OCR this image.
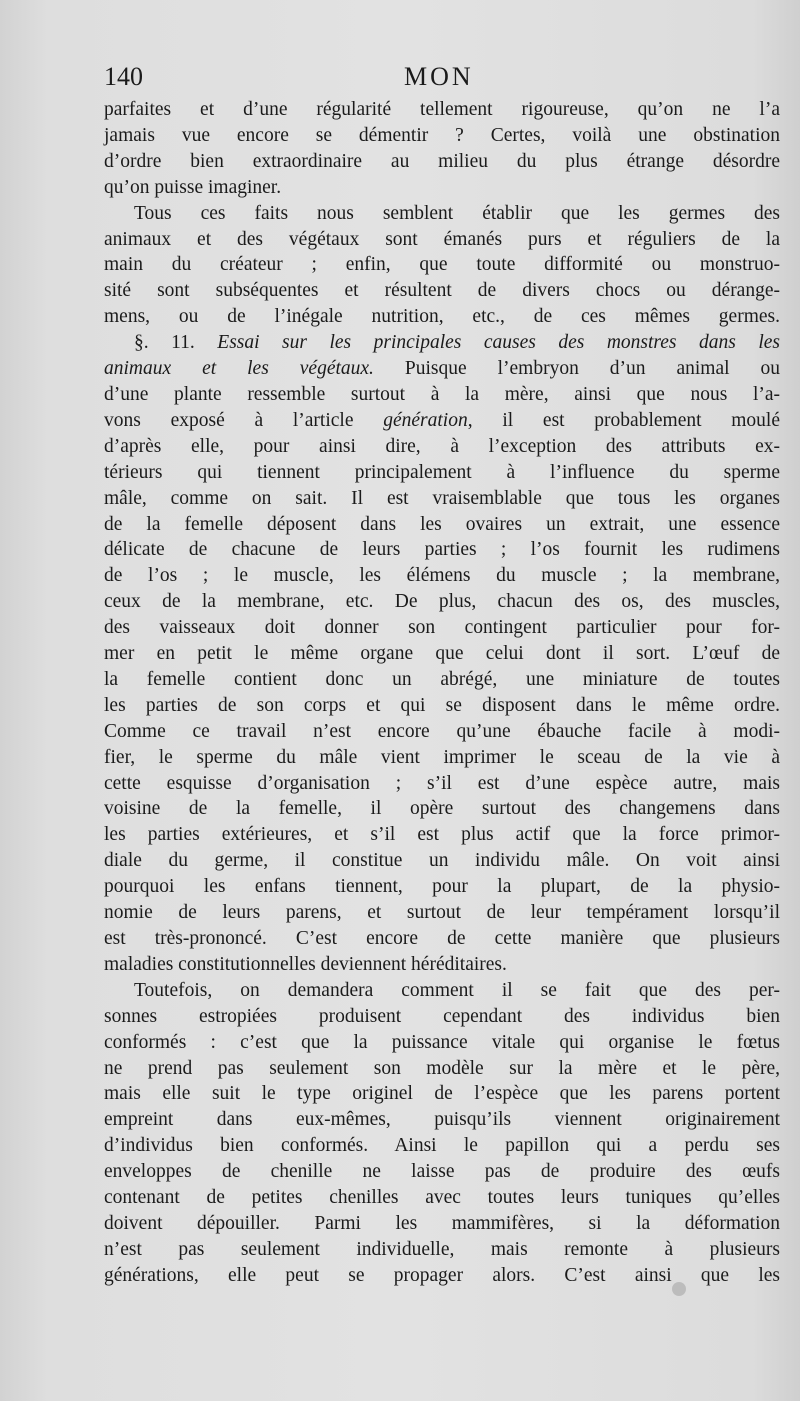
140	MON
parfaites et d’une régularité tellement rigoureuse, qu’on ne l’a
jamais vue encore se démentir ? Certes, voilà une obstination
d’ordre bien extraordinaire au milieu du plus étrange désordre
qu’on puisse imaginer.
Tous ces faits nous semblent établir que les germes des
animaux et des végétaux sont émanés purs et réguliers de la
main du créateur ; enfin, que toute difformité ou monstruo-
sité sont subséquentes et résultent de divers chocs ou dérange-
mens, ou de l’inégale nutrition, etc., de ces mêmes germes.
§. 11. Essai sur les principales causes des monstres dans les
animaux et les végétaux. Puisque l’embryon d’un animal ou
d’une plante ressemble surtout à la mère, ainsi que nous l’a-
vons exposé à l’article génération, il est probablement moulé
d’après elle, pour ainsi dire, à l’exception des attributs ex-
térieurs qui tiennent principalement à l’influence du sperme
mâle, comme on sait. Il est vraisemblable que tous les organes
de la femelle déposent dans les ovaires un extrait, une essence
délicate de chacune de leurs parties ; l’os fournit les rudimens
de l’os ; le muscle, les élémens du muscle ; la membrane,
ceux de la membrane, etc. De plus, chacun des os, des muscles,
des vaisseaux doit donner son contingent particulier pour for-
mer en petit le même organe que celui dont il sort. L’œuf de
la femelle contient donc un abrégé, une miniature de toutes
les parties de son corps et qui se disposent dans le même ordre.
Comme ce travail n’est encore qu’une ébauche facile à modi-
fier, le sperme du mâle vient imprimer le sceau de la vie à
cette esquisse d’organisation ; s’il est d’une espèce autre, mais
voisine de la femelle, il opère surtout des changemens dans
les parties extérieures, et s’il est plus actif que la force primor-
diale du germe, il constitue un individu mâle. On voit ainsi
pourquoi les enfans tiennent, pour la plupart, de la physio-
nomie de leurs parens, et surtout de leur tempérament lorsqu’il
est très-prononcé. C’est encore de cette manière que plusieurs
maladies constitutionnelles deviennent héréditaires.
Toutefois, on demandera comment il se fait que des per-
sonnes estropiées produisent cependant des individus bien
conformés : c’est que la puissance vitale qui organise le fœtus
ne prend pas seulement son modèle sur la mère et le père,
mais elle suit le type originel de l’espèce que les parens portent
empreint dans eux-mêmes, puisqu’ils viennent originairement
d’individus bien conformés. Ainsi le papillon qui a perdu ses
enveloppes de chenille ne laisse pas de produire des œufs
contenant de petites chenilles avec toutes leurs tuniques qu’elles
doivent dépouiller. Parmi les mammifères, si la déformation
n’est pas seulement individuelle, mais remonte à plusieurs
générations, elle peut se propager alors. C’est ainsi que les
